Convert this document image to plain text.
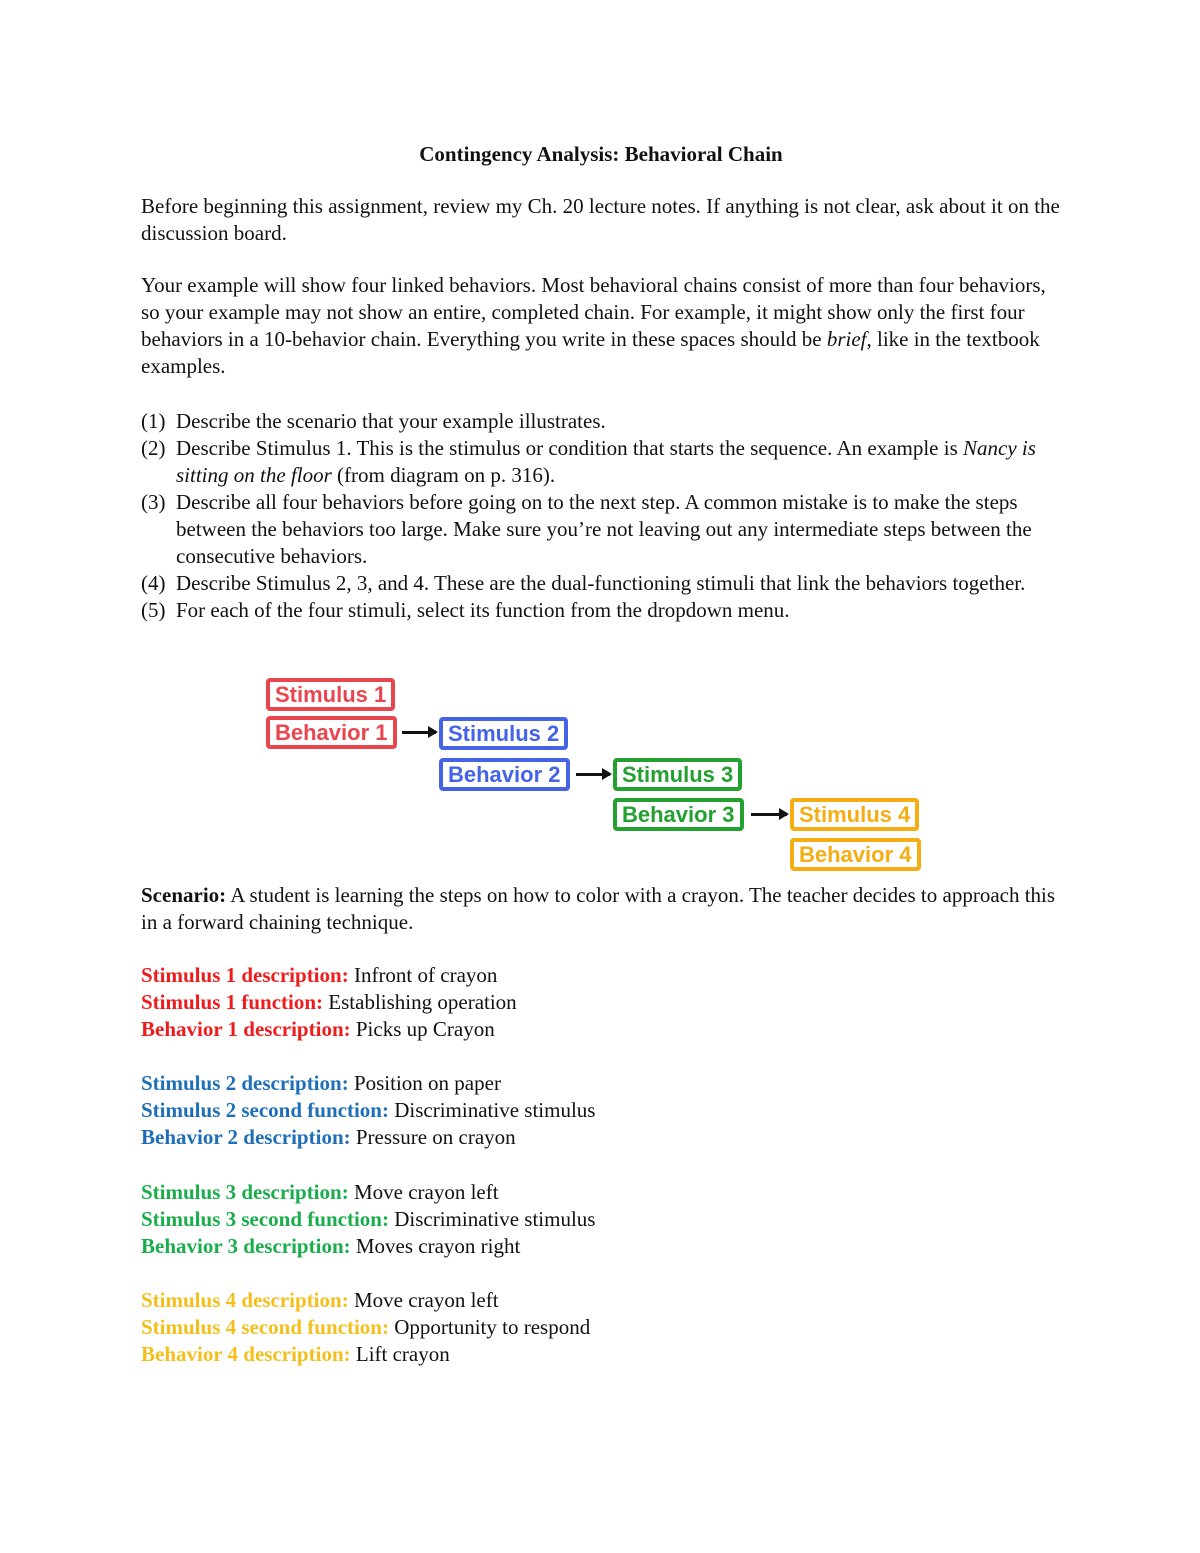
Contingency Analysis: Behavioral Chain

Before beginning this assignment, review my Ch. 20 lecture notes. If anything is not clear, ask about it on the discussion board.

Your example will show four linked behaviors. Most behavioral chains consist of more than four behaviors, so your example may not show an entire, completed chain. For example, it might show only the first four behaviors in a 10-behavior chain. Everything you write in these spaces should be brief, like in the textbook examples.

(1) Describe the scenario that your example illustrates.
(2) Describe Stimulus 1. This is the stimulus or condition that starts the sequence. An example is Nancy is sitting on the floor (from diagram on p. 316).
(3) Describe all four behaviors before going on to the next step. A common mistake is to make the steps between the behaviors too large. Make sure you’re not leaving out any intermediate steps between the consecutive behaviors.
(4) Describe Stimulus 2, 3, and 4. These are the dual-functioning stimuli that link the behaviors together.
(5) For each of the four stimuli, select its function from the dropdown menu.
Stimulus 1
Behavior 1	Stimulus 2
Behavior 2	Stimulus 3
Behavior 3	Stimulus 4
Behavior 4

Scenario: A student is learning the steps on how to color with a crayon. The teacher decides to approach this in a forward chaining technique.

Stimulus 1 description: Infront of crayon
Stimulus 1 function: Establishing operation
Behavior 1 description: Picks up Crayon
Stimulus 2 description: Position on paper
Stimulus 2 second function: Discriminative stimulus
Behavior 2 description: Pressure on crayon
Stimulus 3 description: Move crayon left
Stimulus 3 second function: Discriminative stimulus
Behavior 3 description: Moves crayon right
Stimulus 4 description: Move crayon left
Stimulus 4 second function: Opportunity to respond
Behavior 4 description: Lift crayon
